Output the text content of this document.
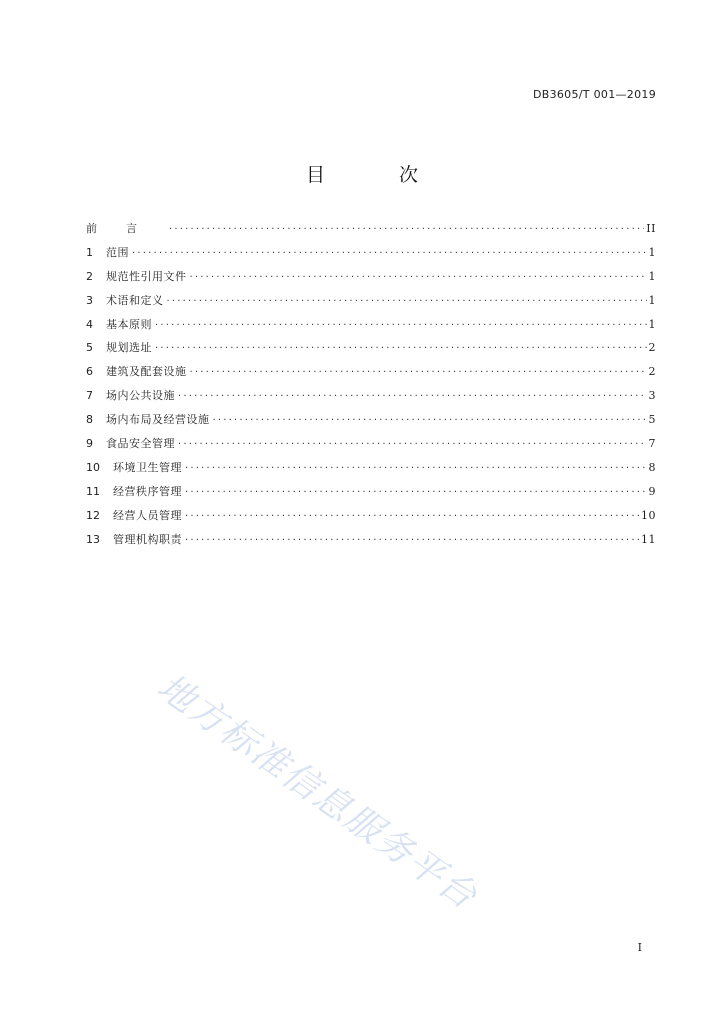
DB3605/T 001—2019
目 次
前言 ·····	II
1	范围 ·····	1
2	规范性引用文件 ·····	1
3	术语和定义 ·····	1
4	基本原则 ·····	1
5	规划选址 ·····	2
6	建筑及配套设施 ·····	2
7	场内公共设施 ·····	3
8	场内布局及经营设施 ·····	5
9	食品安全管理 ·····	7
10	环境卫生管理 ·····	8
11	经营秩序管理 ·····	9
12	经营人员管理 ·····	10
13	管理机构职责 ·····	11
地方标准信息服务平台
I
